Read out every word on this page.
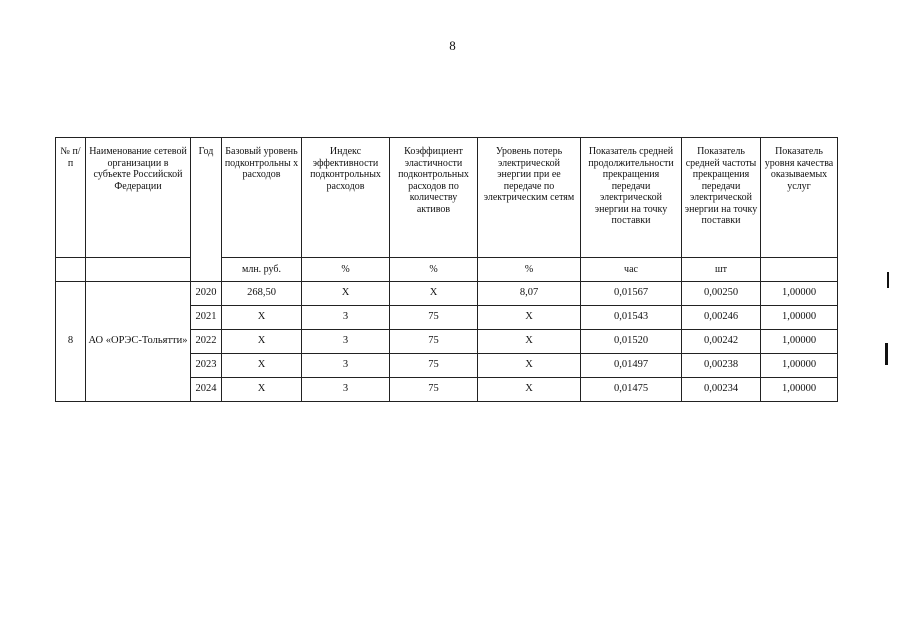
8
№ п/п	Наименование сетевой организации в субъекте Российской Федерации	Год	Базовый уровень подконтрольны х расходов	Индекс эффективности подконтрольных расходов	Коэффициент эластичности подконтрольных расходов по количеству активов	Уровень потерь электрической энергии при ее передаче по электрическим сетям	Показатель средней продолжительности прекращения передачи электрической энергии на точку поставки	Показатель средней частоты прекращения передачи электрической энергии на точку поставки	Показатель уровня качества оказываемых услуг
			млн. руб.	%	%	%	час	шт	
8	АО «ОРЭС-Тольятти»	2020	268,50	Х	Х	8,07	0,01567	0,00250	1,00000
		2021	Х	3	75	Х	0,01543	0,00246	1,00000
		2022	Х	3	75	Х	0,01520	0,00242	1,00000
		2023	Х	3	75	Х	0,01497	0,00238	1,00000
		2024	Х	3	75	Х	0,01475	0,00234	1,00000
